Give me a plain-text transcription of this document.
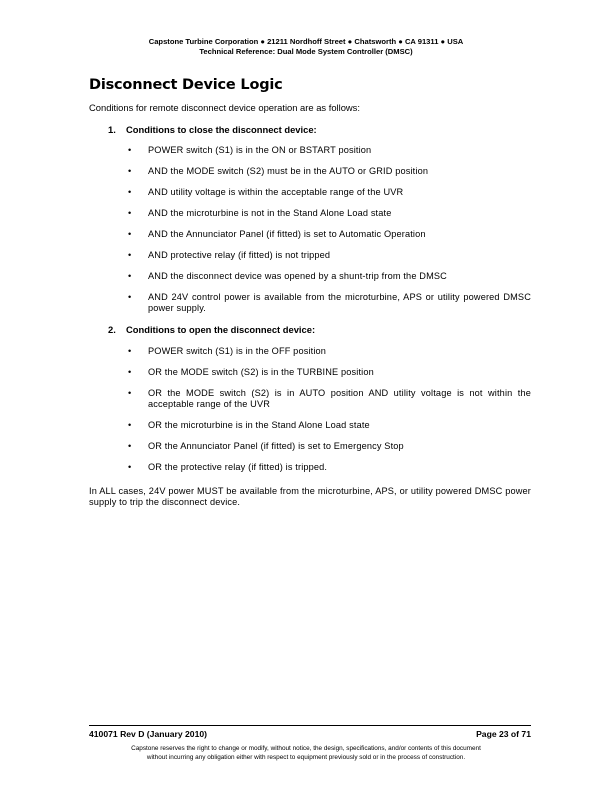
Capstone Turbine Corporation ● 21211 Nordhoff Street ● Chatsworth ● CA 91311 ● USA
Technical Reference: Dual Mode System Controller (DMSC)
Disconnect Device Logic

Conditions for remote disconnect device operation are as follows:

1. Conditions to close the disconnect device:

• POWER switch (S1) is in the ON or BSTART position
• AND the MODE switch (S2) must be in the AUTO or GRID position
• AND utility voltage is within the acceptable range of the UVR
• AND the microturbine is not in the Stand Alone Load state
• AND the Annunciator Panel (if fitted) is set to Automatic Operation
• AND protective relay (if fitted) is not tripped
• AND the disconnect device was opened by a shunt-trip from the DMSC
• AND 24V control power is available from the microturbine, APS or utility powered DMSC power supply.

2. Conditions to open the disconnect device:

• POWER switch (S1) is in the OFF position
• OR the MODE switch (S2) is in the TURBINE position
• OR the MODE switch (S2) is in AUTO position AND utility voltage is not within the acceptable range of the UVR
• OR the microturbine is in the Stand Alone Load state
• OR the Annunciator Panel (if fitted) is set to Emergency Stop
• OR the protective relay (if fitted) is tripped.

In ALL cases, 24V power MUST be available from the microturbine, APS, or utility powered DMSC power supply to trip the disconnect device.

410071 Rev D (January 2010)	Page 23 of 71
Capstone reserves the right to change or modify, without notice, the design, specifications, and/or contents of this document
without incurring any obligation either with respect to equipment previously sold or in the process of construction.
